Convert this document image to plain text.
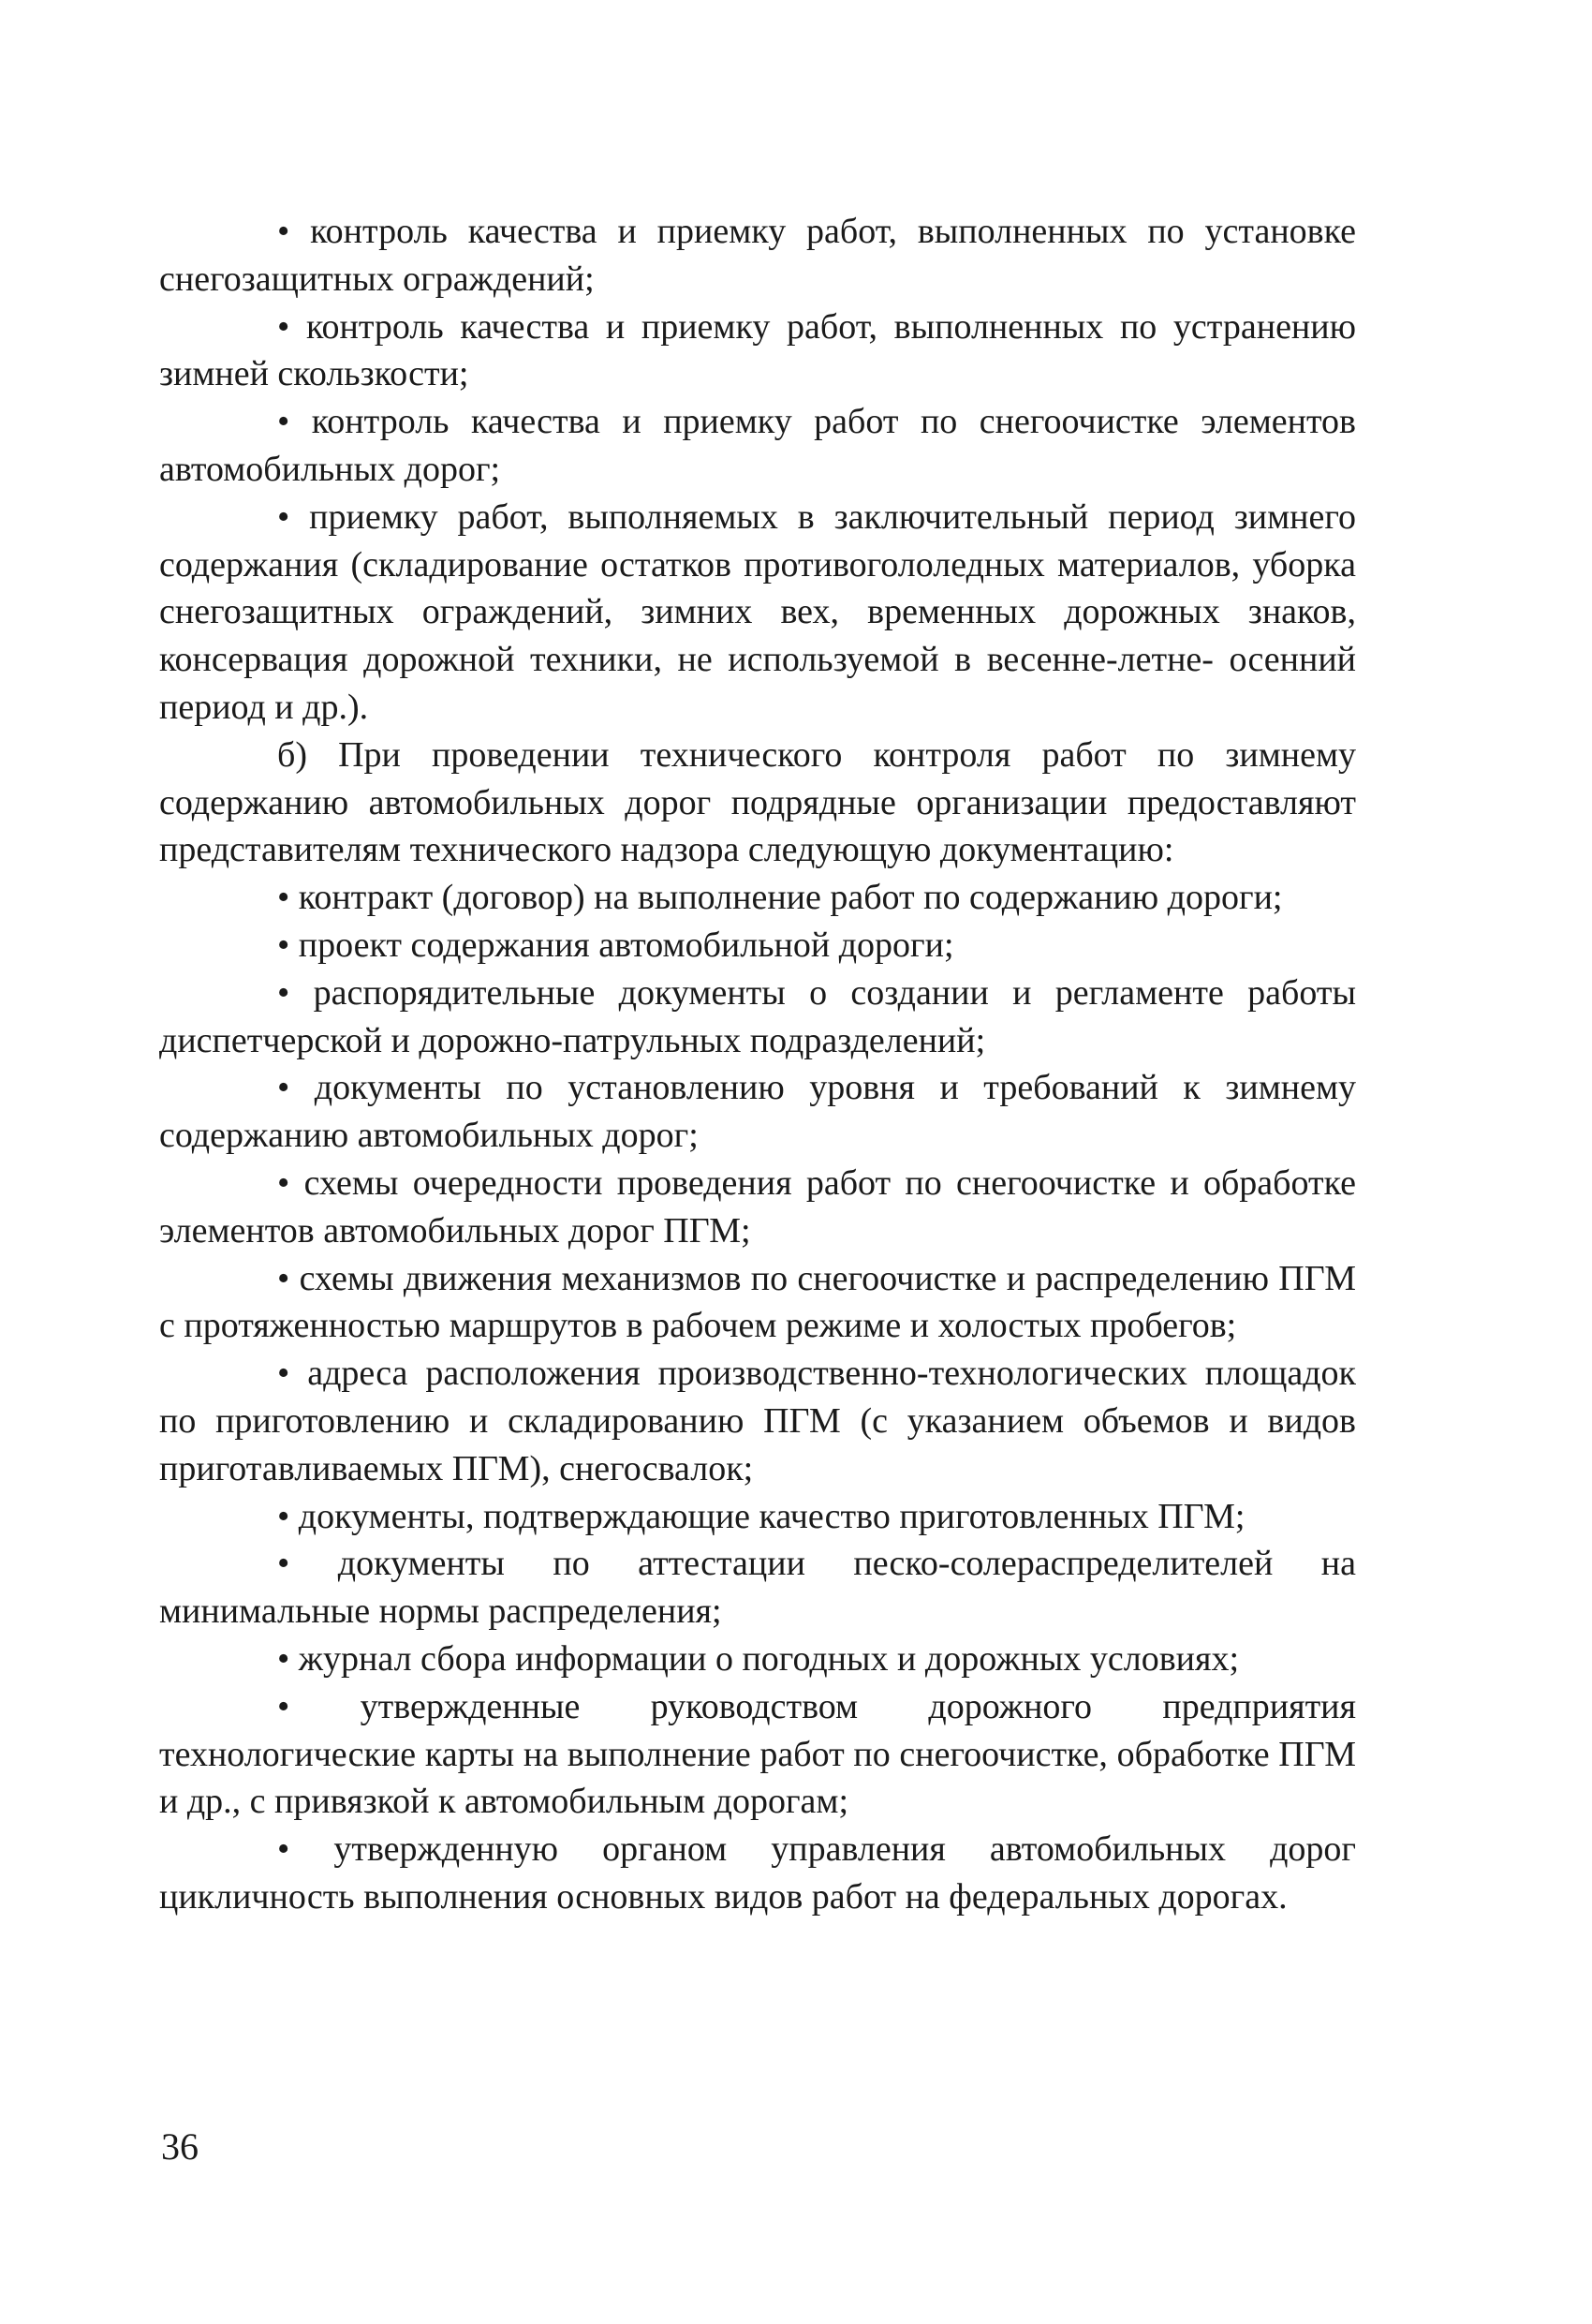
• контроль качества и приемку работ, выполненных по установке снегозащитных ограждений;

• контроль качества и приемку работ, выполненных по устранению зимней скользкости;

• контроль качества и приемку работ по снегоочистке элементов автомобильных дорог;

• приемку работ, выполняемых в заключительный период зимнего содержания (складирование остатков противогололедных материалов, уборка снегозащитных ограждений, зимних вех, временных дорожных знаков, консервация дорожной техники, не используемой в весенне-летне- осенний период и др.).

б) При проведении технического контроля работ по зимнему содержанию автомобильных дорог подрядные организации предоставляют представителям технического надзора следующую документацию:

• контракт (договор) на выполнение работ по содержанию дороги;

• проект содержания автомобильной дороги;

• распорядительные документы о создании и регламенте работы диспетчерской и дорожно-патрульных подразделений;

• документы по установлению уровня и требований к зимнему содержанию автомобильных дорог;

• схемы очередности проведения работ по снегоочистке и обработке элементов автомобильных дорог ПГМ;

• схемы движения механизмов по снегоочистке и распределению ПГМ с протяженностью маршрутов в рабочем режиме и холостых пробегов;

• адреса расположения производственно-технологических площадок по приготовлению и складированию ПГМ (с указанием объемов и видов приготавливаемых ПГМ), снегосвалок;

• документы, подтверждающие качество приготовленных ПГМ;

• документы по аттестации песко-солераспределителей на минимальные нормы распределения;

• журнал сбора информации о погодных и дорожных условиях;

• утвержденные руководством дорожного предприятия технологические карты на выполнение работ по снегоочистке, обработке ПГМ и др., с привязкой к автомобильным дорогам;

• утвержденную органом управления автомобильных дорог цикличность выполнения основных видов работ на федеральных дорогах.

36
